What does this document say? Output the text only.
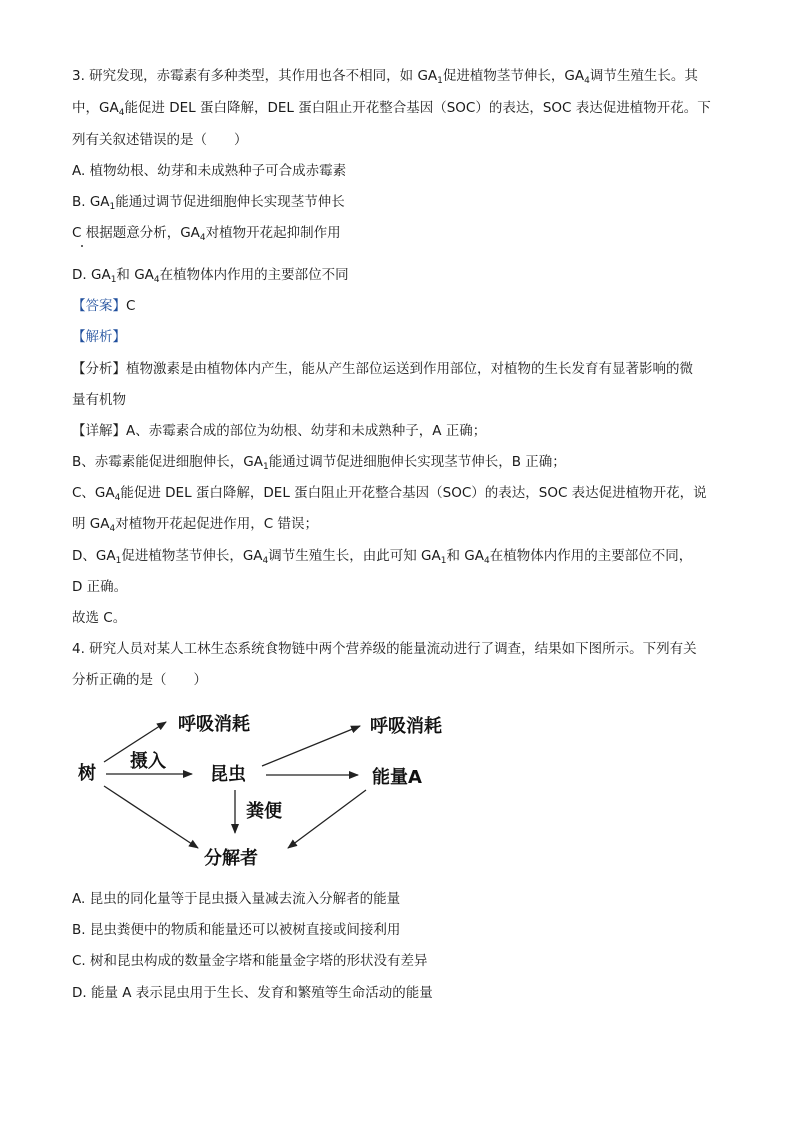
3. 研究发现，赤霉素有多种类型，其作用也各不相同，如 $GA_1$促进植物茎节伸长，$GA_4$调节生殖生长。其
中，$GA_4$能促进 DEL 蛋白降解，DEL 蛋白阻止开花整合基因（SOC）的表达，SOC 表达促进植物开花。下
列有关叙述错误的是（　　）
A. 植物幼根、幼芽和未成熟种子可合成赤霉素
B. $GA_1$能通过调节促进细胞伸长实现茎节伸长
C 根据题意分析，$GA_4$对植物开花起抑制作用
D. $GA_1$和 $GA_4$在植物体内作用的主要部位不同
【答案】C
【解析】
【分析】植物激素是由植物体内产生，能从产生部位运送到作用部位，对植物的生长发育有显著影响的微
量有机物
【详解】A、赤霉素合成的部位为幼根、幼芽和未成熟种子，A 正确；
B、赤霉素能促进细胞伸长，$GA_1$能通过调节促进细胞伸长实现茎节伸长，B 正确；
C、$GA_4$能促进 DEL 蛋白降解，DEL 蛋白阻止开花整合基因（SOC）的表达，SOC 表达促进植物开花，说
明 $GA_4$对植物开花起促进作用，C 错误；
D、$GA_1$促进植物茎节伸长，$GA_4$调节生殖生长，由此可知 $GA_1$和 $GA_4$在植物体内作用的主要部位不同，
D 正确。
故选 C。
4. 研究人员对某人工林生态系统食物链中两个营养级的能量流动进行了调查，结果如下图所示。下列有关
分析正确的是（　　）
树
呼吸消耗
摄入
昆虫
呼吸消耗
能量A
粪便
分解者
A. 昆虫的同化量等于昆虫摄入量减去流入分解者的能量
B. 昆虫粪便中的物质和能量还可以被树直接或间接利用
C. 树和昆虫构成的数量金字塔和能量金字塔的形状没有差异
D. 能量 A 表示昆虫用于生长、发育和繁殖等生命活动的能量
